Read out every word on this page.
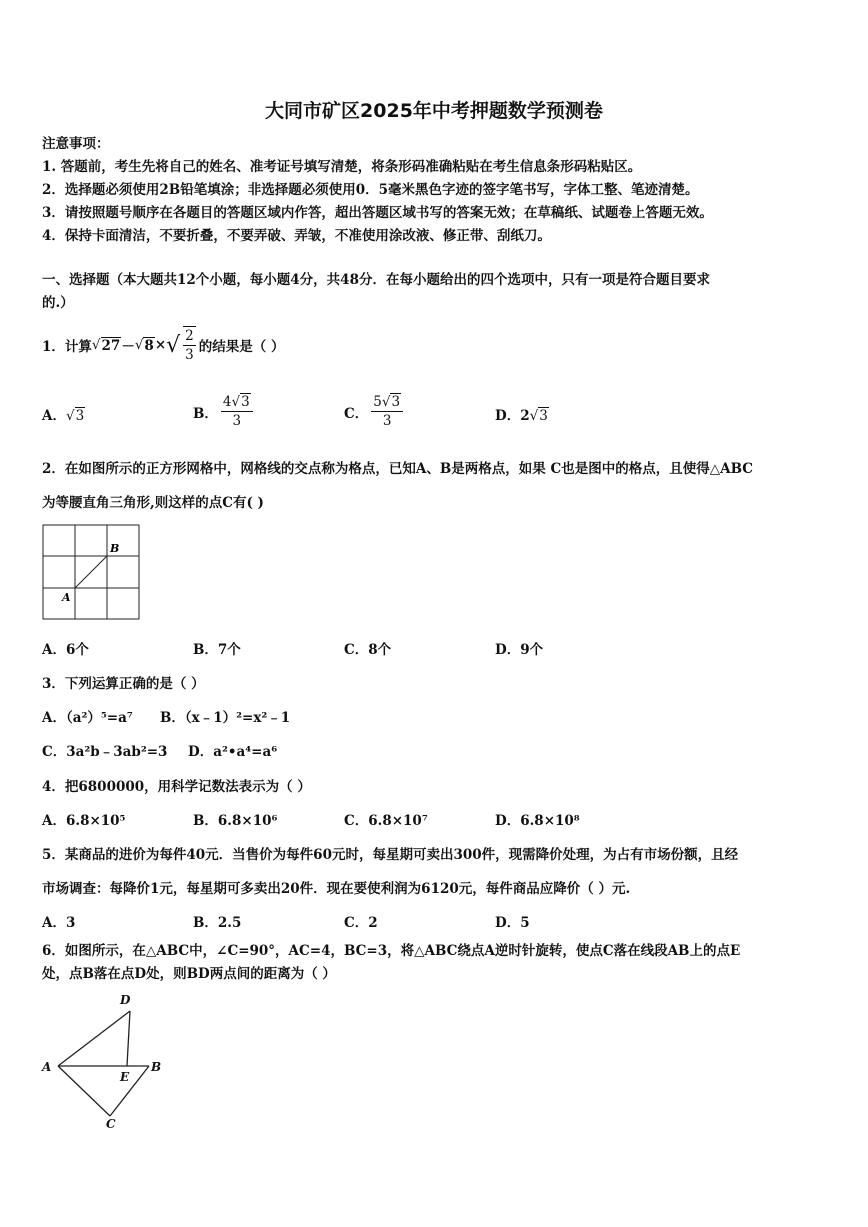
大同市矿区2025年中考押题数学预测卷
注意事项：
1. 答题前，考生先将自己的姓名、准考证号填写清楚，将条形码准确粘贴在考生信息条形码粘贴区。
2．选择题必须使用2B铅笔填涂；非选择题必须使用0．5毫米黑色字迹的签字笔书写，字体工整、笔迹清楚。
3．请按照题号顺序在各题目的答题区域内作答，超出答题区域书写的答案无效；在草稿纸、试题卷上答题无效。
4．保持卡面清洁，不要折叠，不要弄破、弄皱，不准使用涂改液、修正带、刮纸刀。
一、选择题（本大题共12个小题，每小题4分，共48分．在每小题给出的四个选项中，只有一项是符合题目要求
的.）
1．计算 √ 27 － √ 8 × √ $\frac{2}{3}$ 的结果是（ ）
A．√3	B． $\frac{4√3}{3}$	C． $\frac{5√3}{3}$	D．2√3
2．在如图所示的正方形网格中，网格线的交点称为格点，已知A、B是两格点，如果 C也是图中的格点，且使得△ABC
为等腰直角三角形,则这样的点C有( )
A
B
A．6个	B．7个	C．8个	D．9个
3．下列运算正确的是（ ）
A．（a²）⁵=a⁷ B．（x﹣1）²=x²﹣1
C．3a²b﹣3ab²=3 D．a²•a⁴=a⁶
4．把6800000，用科学记数法表示为（ ）
A．6.8×10⁵	B．6.8×10⁶	C．6.8×10⁷	D．6.8×10⁸
5．某商品的进价为每件40元．当售价为每件60元时，每星期可卖出300件，现需降价处理，为占有市场份额，且经
市场调查：每降价1元，每星期可多卖出20件．现在要使利润为6120元，每件商品应降价（ ）元.
A．3	B．2.5	C．2	D．5
6．如图所示，在△ABC中，∠C=90°，AC=4，BC=3，将△ABC绕点A逆时针旋转，使点C落在线段AB上的点E
处，点B落在点D处，则BD两点间的距离为（ ）
A	B
C
D
E
